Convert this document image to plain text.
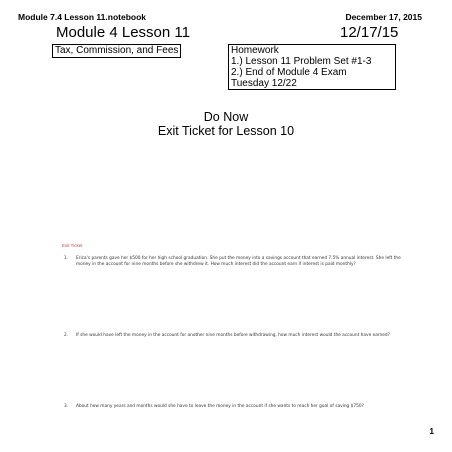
Module 7.4 Lesson 11.notebook	December 17, 2015
Module 4 Lesson 11	12/17/15
Tax, Commission, and Fees	Homework
1.) Lesson 11 Problem Set #1-3
2.) End of Module 4 Exam
Tuesday 12/22
Do Now
Exit Ticket for Lesson 10
Exit Ticket
1. Erica's parents gave her $500 for her high school graduation. She put the money into a savings account that earned 7.5% annual interest. She left the money in the account for nine months before she withdrew it. How much interest did the account earn if interest is paid monthly?
2. If she would have left the money in the account for another nine months before withdrawing, how much interest would the account have earned?
3. About how many years and months would she have to leave the money in the account if she wants to reach her goal of saving $750?
1
